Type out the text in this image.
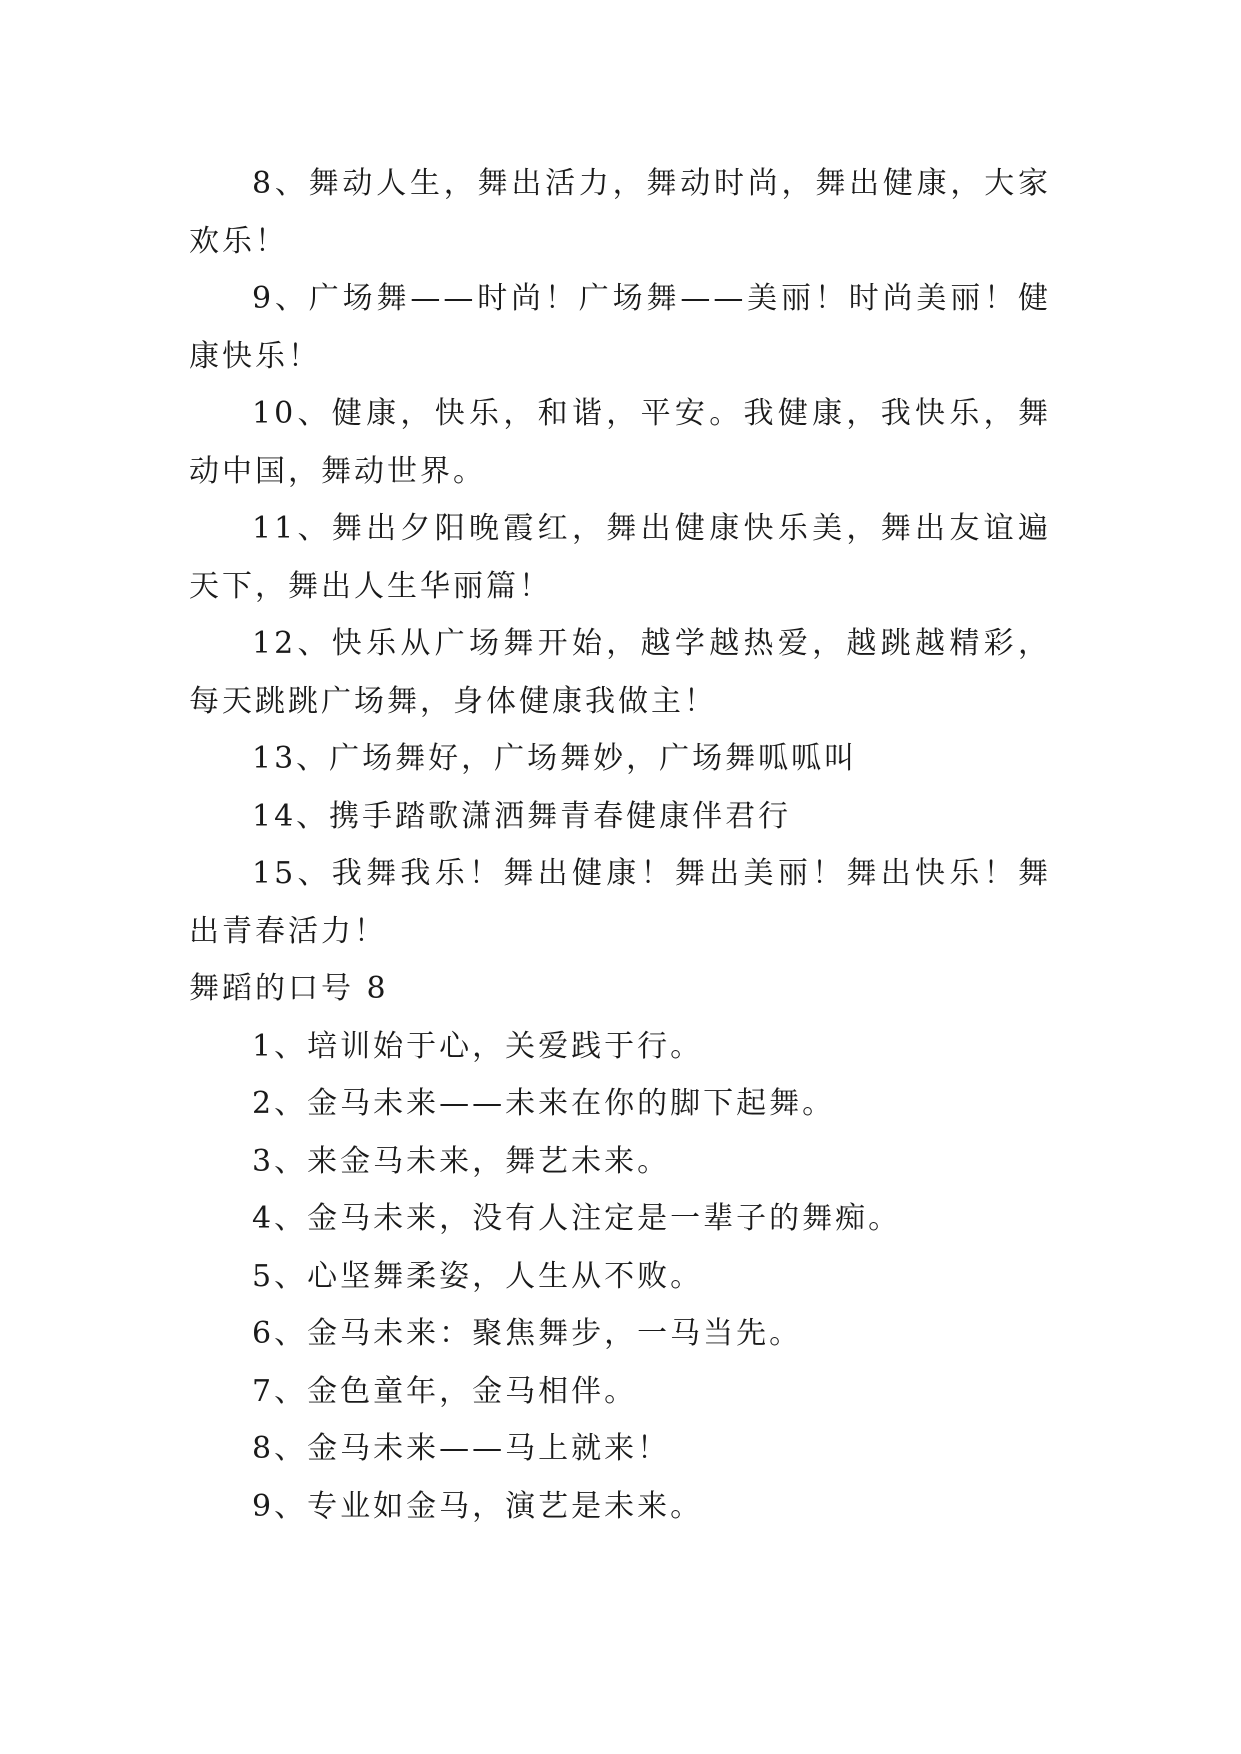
8、舞动人生，舞出活力，舞动时尚，舞出健康，大家欢乐！

9、广场舞——时尚！广场舞——美丽！时尚美丽！健康快乐！

10、健康，快乐，和谐，平安。我健康，我快乐，舞动中国，舞动世界。

11、舞出夕阳晚霞红，舞出健康快乐美，舞出友谊遍天下，舞出人生华丽篇！

12、快乐从广场舞开始，越学越热爱，越跳越精彩，每天跳跳广场舞，身体健康我做主！

13、广场舞好，广场舞妙，广场舞呱呱叫

14、携手踏歌潇洒舞青春健康伴君行

15、我舞我乐！舞出健康！舞出美丽！舞出快乐！舞出青春活力！

舞蹈的口号 8

1、培训始于心，关爱践于行。

2、金马未来——未来在你的脚下起舞。

3、来金马未来，舞艺未来。

4、金马未来，没有人注定是一辈子的舞痴。

5、心坚舞柔姿，人生从不败。

6、金马未来：聚焦舞步，一马当先。

7、金色童年，金马相伴。

8、金马未来——马上就来！

9、专业如金马，演艺是未来。
